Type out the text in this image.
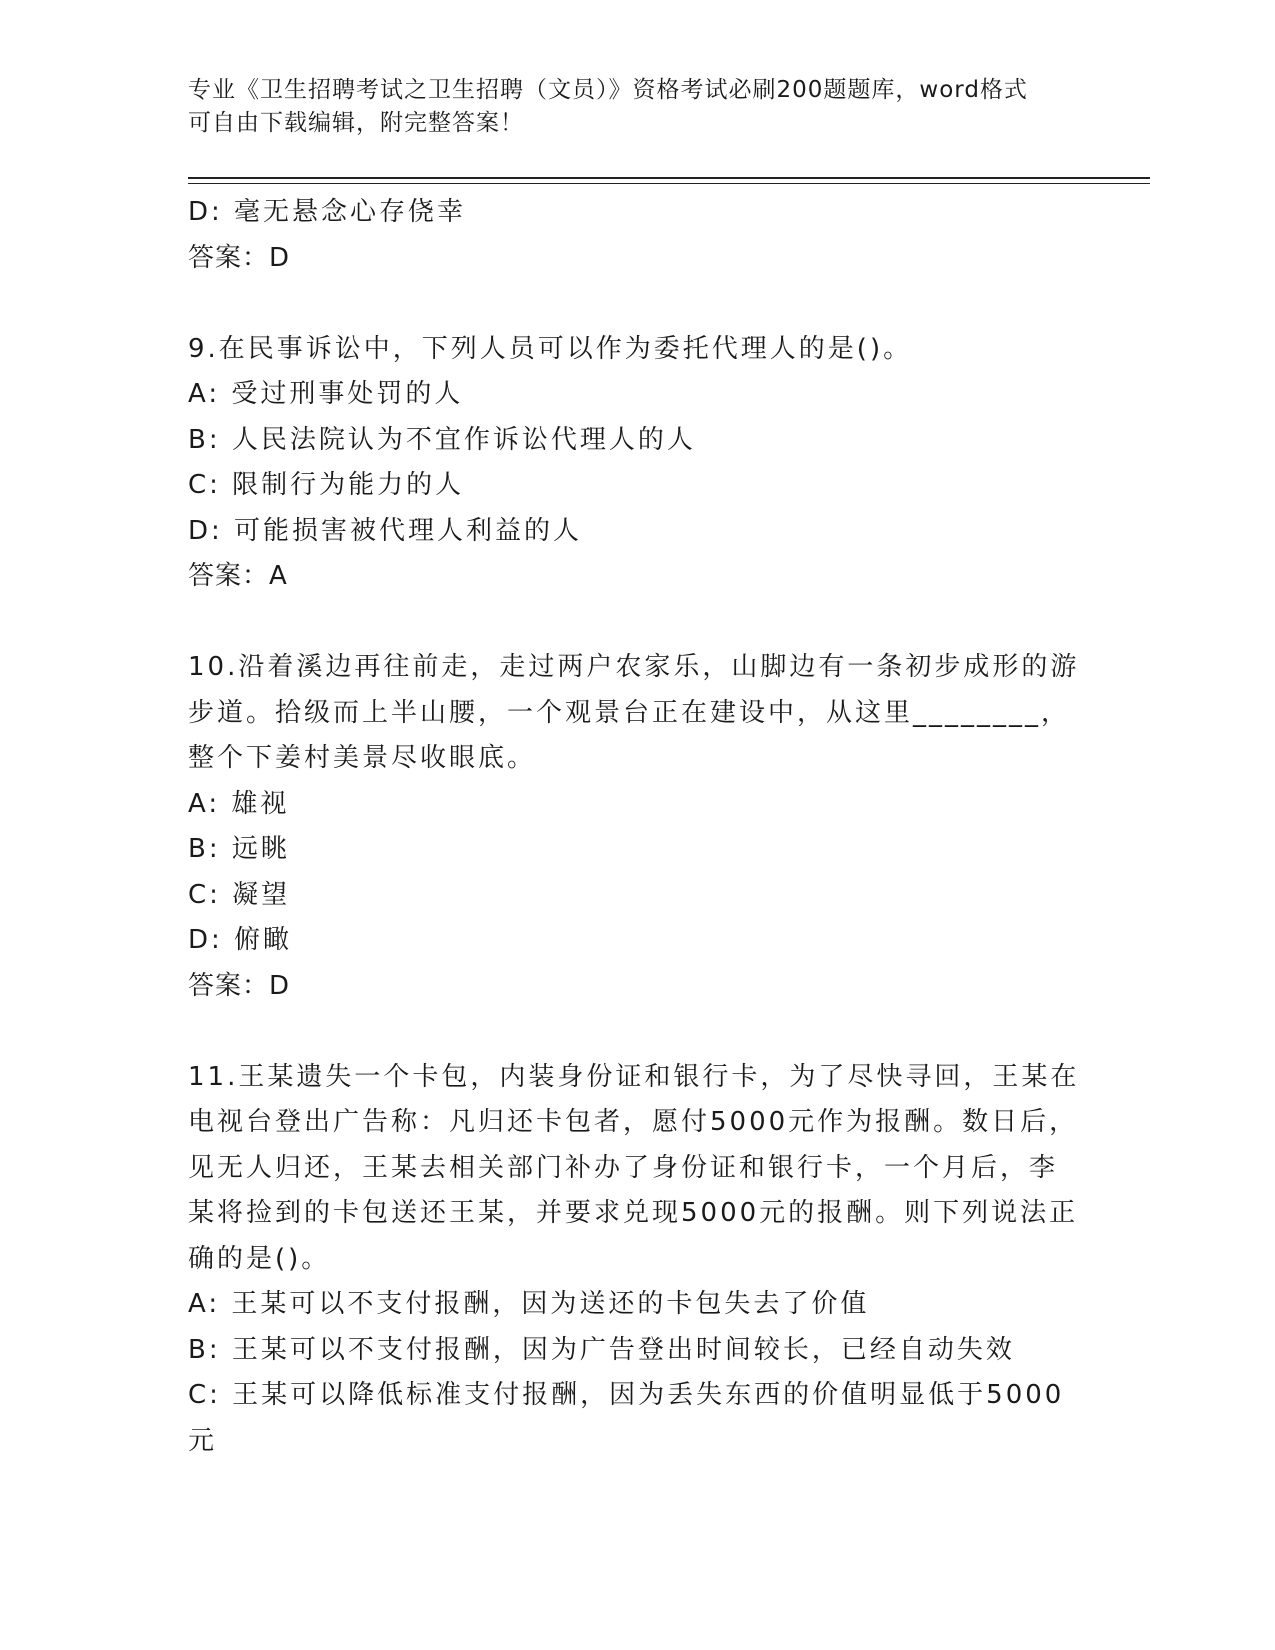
专业《卫生招聘考试之卫生招聘（文员）》资格考试必刷200题题库，word格式
可自由下载编辑，附完整答案！
D: 毫无悬念心存侥幸
答案：D
9.在民事诉讼中，下列人员可以作为委托代理人的是()。
A: 受过刑事处罚的人
B: 人民法院认为不宜作诉讼代理人的人
C: 限制行为能力的人
D: 可能损害被代理人利益的人
答案：A
10.沿着溪边再往前走，走过两户农家乐，山脚边有一条初步成形的游
步道。拾级而上半山腰，一个观景台正在建设中，从这里________，
整个下姜村美景尽收眼底。
A: 雄视
B: 远眺
C: 凝望
D: 俯瞰
答案：D
11.王某遗失一个卡包，内装身份证和银行卡，为了尽快寻回，王某在
电视台登出广告称：凡归还卡包者，愿付5000元作为报酬。数日后，
见无人归还，王某去相关部门补办了身份证和银行卡，一个月后，李
某将捡到的卡包送还王某，并要求兑现5000元的报酬。则下列说法正
确的是()。
A: 王某可以不支付报酬，因为送还的卡包失去了价值
B: 王某可以不支付报酬，因为广告登出时间较长，已经自动失效
C: 王某可以降低标准支付报酬，因为丢失东西的价值明显低于5000
元
